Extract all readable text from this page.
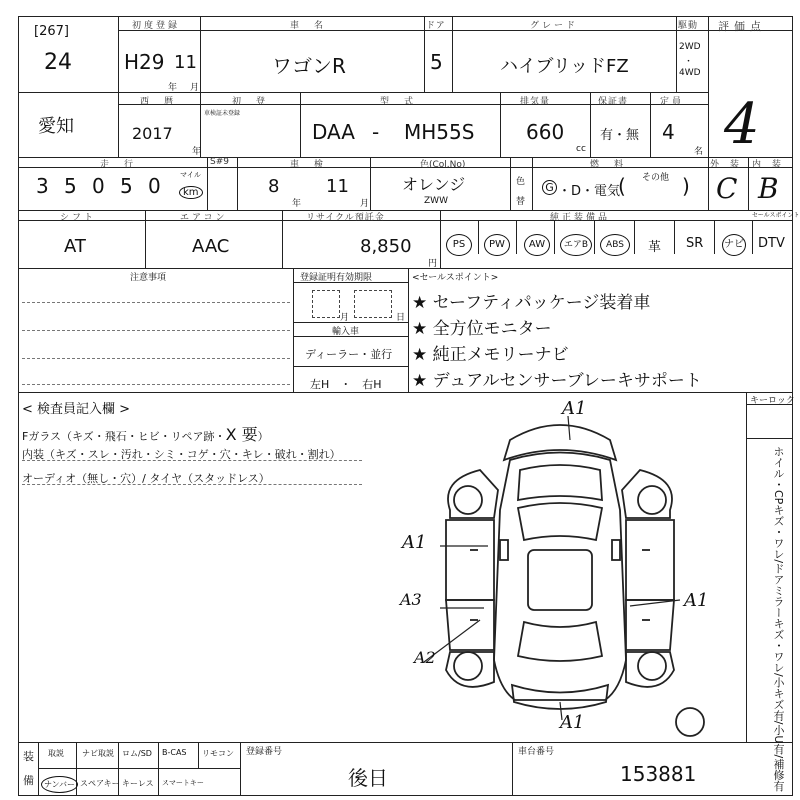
[267]
24
初度登録
H29 11
年 月
車　名
ワゴンR
ドア
5
グレード
ハイブリッドFZ
駆動
2WD
・
4WD
評価点
4
愛知
西　暦
2017
年
初　登
車検証未登録
型　式
DAA - MH55S
排気量
660
cc
保証書
有・無
定員
4
名
走　行
3 5 0 5 0	マイル
km
S#9	車　検
8
年
11
月
色(Col.No)
オレンジ
ZWW
色
替
燃　料
G ・D・電気
( その他 )
外　装
C
内　装
B
シフト
AT
エアコン
AAC
リサイクル預託金
8,850
円
純正装備品
PS	PW	AW	エアB	ABS	革 SR ナビ DTV
セールスポイント
注意事項	登録証明有効期限
月	日
輸入車
ディーラー・並行
左H　・　右H
<セールスポイント>
★ セーフティパッケージ装着車
★ 全方位モニター
★ 純正メモリーナビ
★ デュアルセンサーブレーキサポート
< 検査員記入欄 >
Fガラス（キズ・飛石・ヒビ・リペア跡・X 要）
内装（キズ・スレ・汚れ・シミ・コゲ・穴・キレ・破れ・割れ）
オーディオ（無し・穴）/ タイヤ（スタッドレス）
キーロック
ホイル・CPキズ・ワレ/ドアミラーキズ・ワレ/小キズ有/小U有/補修有
A1
A1
A3
A2
A1
A1
装
備
取説 ナビ取説 ロム/SD B-CAS リモコン
ナンバー スペアキー キーレス スマートキー
登録番号
後日
車台番号
153881
